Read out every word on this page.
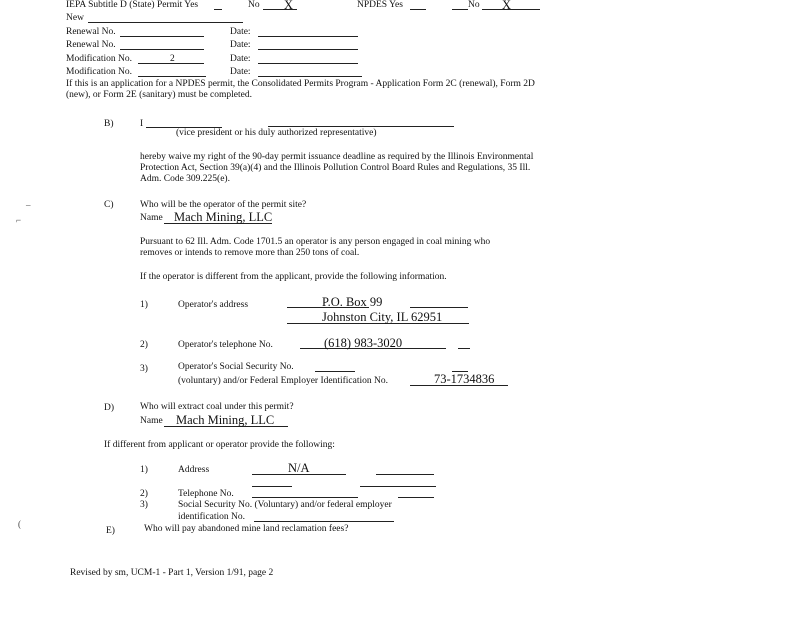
IEPA Subtitle D (State) Permit Yes	No X	NPDES Yes	No X
New
Renewal No.	Date:
Renewal No.	Date:
Modification No.	2	Date:
Modification No.	Date:
If this is an application for a NPDES permit, the Consolidated Permits Program - Application Form 2C (renewal), Form 2D (new), or Form 2E (sanitary) must be completed.
B)	I
(vice president or his duly authorized representative)
hereby waive my right of the 90-day permit issuance deadline as required by the Illinois Environmental Protection Act, Section 39(a)(4) and the Illinois Pollution Control Board Rules and Regulations, 35 Ill. Adm. Code 309.225(e).
C)	Who will be the operator of the permit site?
Name Mach Mining, LLC
Pursuant to 62 Ill. Adm. Code 1701.5 an operator is any person engaged in coal mining who removes or intends to remove more than 250 tons of coal.
If the operator is different from the applicant, provide the following information.
1)	Operator's address	P.O. Box 99
Johnston City, IL 62951
2)	Operator's telephone No.	(618) 983-3020
3)	Operator's Social Security No.
(voluntary) and/or Federal Employer Identification No.	73-1734836
D)	Who will extract coal under this permit?
Name Mach Mining, LLC
If different from applicant or operator provide the following:
1)	Address	N/A
2)	Telephone No.
3)	Social Security No. (Voluntary) and/or federal employer
identification No.
E)	Who will pay abandoned mine land reclamation fees?
Revised by sm, UCM-1 - Part 1, Version 1/91, page 2
–
⌐
(
